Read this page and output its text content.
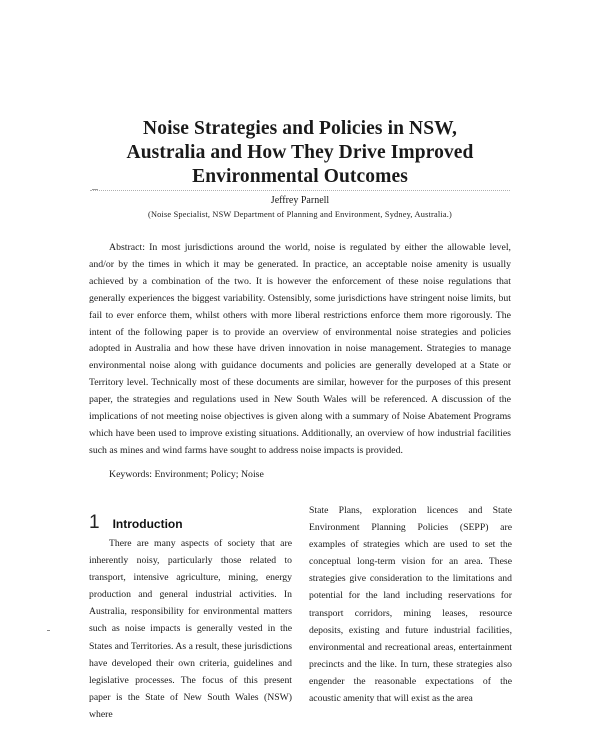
Noise Strategies and Policies in NSW,
Australia and How They Drive Improved
Environmental Outcomes
Jeffrey Parnell
(Noise Specialist, NSW Department of Planning and Environment, Sydney, Australia.)

Abstract: In most jurisdictions around the world, noise is regulated by either the allowable level, and/or by the times in which it may be generated. In practice, an acceptable noise amenity is usually achieved by a combination of the two. It is however the enforcement of these noise regulations that generally experiences the biggest variability. Ostensibly, some jurisdictions have stringent noise limits, but fail to ever enforce them, whilst others with more liberal restrictions enforce them more rigorously. The intent of the following paper is to provide an overview of environmental noise strategies and policies adopted in Australia and how these have driven innovation in noise management. Strategies to manage environmental noise along with guidance documents and policies are generally developed at a State or Territory level. Technically most of these documents are similar, however for the purposes of this present paper, the strategies and regulations used in New South Wales will be referenced. A discussion of the implications of not meeting noise objectives is given along with a summary of Noise Abatement Programs which have been used to improve existing situations. Additionally, an overview of how industrial facilities such as mines and wind farms have sought to address noise impacts is provided.

Keywords: Environment; Policy; Noise
1 Introduction

There are many aspects of society that are inherently noisy, particularly those related to transport, intensive agriculture, mining, energy production and general industrial activities. In Australia, responsibility for environmental matters such as noise impacts is generally vested in the States and Territories. As a result, these jurisdictions have developed their own criteria, guidelines and legislative processes. The focus of this present paper is the State of New South Wales (NSW) where

State Plans, exploration licences and State Environment Planning Policies (SEPP) are examples of strategies which are used to set the conceptual long-term vision for an area. These strategies give consideration to the limitations and potential for the land including reservations for transport corridors, mining leases, resource deposits, existing and future industrial facilities, environmental and recreational areas, entertainment precincts and the like. In turn, these strategies also engender the reasonable expectations of the acoustic amenity that will exist as the area
